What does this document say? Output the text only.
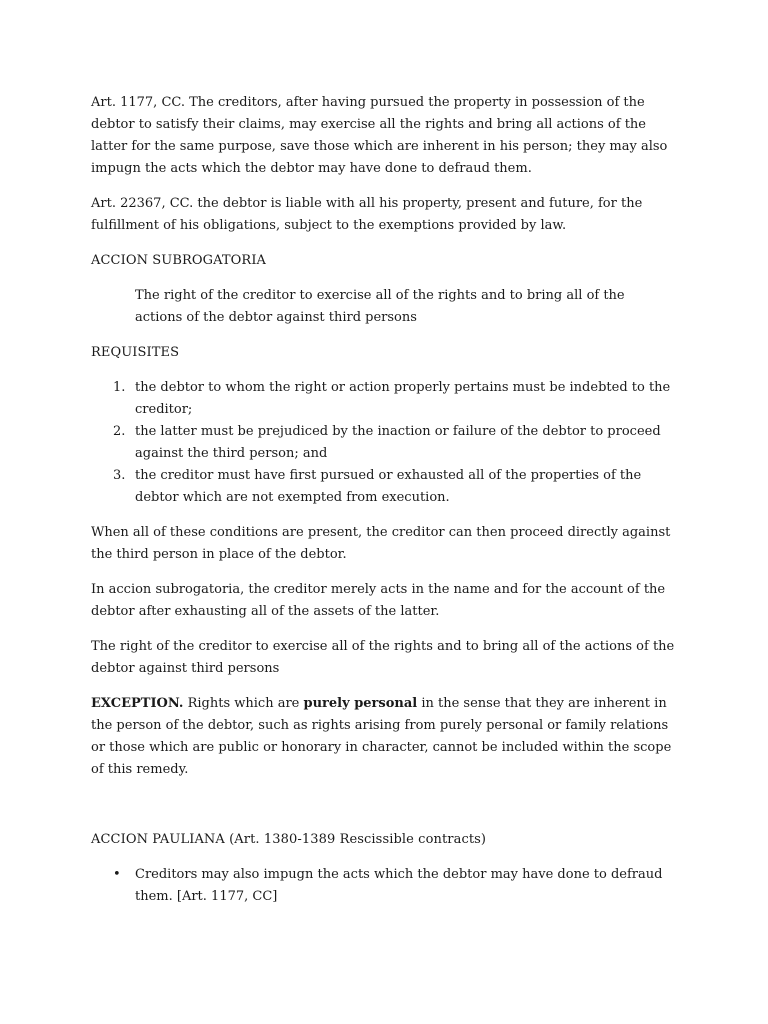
Art. 1177, CC. The creditors, after having pursued the property in possession of the debtor to satisfy their claims, may exercise all the rights and bring all actions of the latter for the same purpose, save those which are inherent in his person; they may also impugn the acts which the debtor may have done to defraud them.

Art. 22367, CC. the debtor is liable with all his property, present and future, for the fulfillment of his obligations, subject to the exemptions provided by law.

ACCION SUBROGATORIA

The right of the creditor to exercise all of the rights and to bring all of the actions of the debtor against third persons

REQUISITES

1. the debtor to whom the right or action properly pertains must be indebted to the creditor;
2. the latter must be prejudiced by the inaction or failure of the debtor to proceed against the third person; and
3. the creditor must have first pursued or exhausted all of the properties of the debtor which are not exempted from execution.

When all of these conditions are present, the creditor can then proceed directly against the third person in place of the debtor.

In accion subrogatoria, the creditor merely acts in the name and for the account of the debtor after exhausting all of the assets of the latter.

The right of the creditor to exercise all of the rights and to bring all of the actions of the debtor against third persons

EXCEPTION. Rights which are purely personal in the sense that they are inherent in the person of the debtor, such as rights arising from purely personal or family relations or those which are public or honorary in character, cannot be included within the scope of this remedy.

ACCION PAULIANA (Art. 1380-1389 Rescissible contracts)

• Creditors may also impugn the acts which the debtor may have done to defraud them. [Art. 1177, CC]
